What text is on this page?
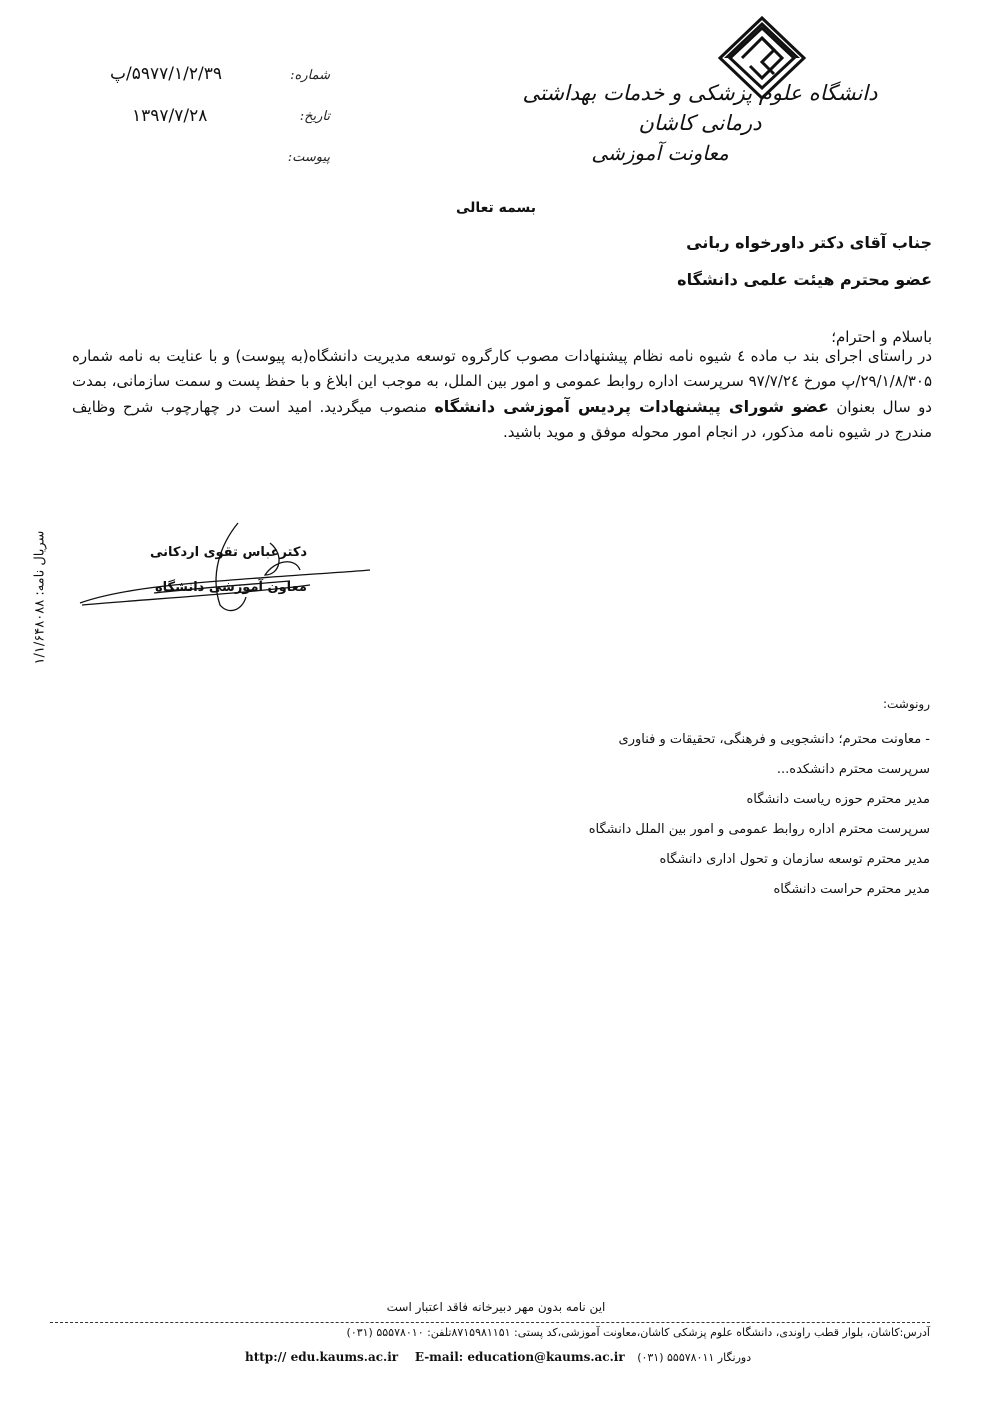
دانشگاه علوم پزشکی و خدمات بهداشتی درمانی کاشان
معاونت آموزشی
شماره:
۵۹۷۷/۱/۲/۳۹/پ
تاریخ:
۱۳۹۷/۷/۲۸
پیوست:
بسمه تعالی
جناب آقای دکتر داورخواه ربانی
عضو محترم هیئت علمی دانشگاه
باسلام و احترام؛

در راستای اجرای بند ب ماده ٤ شیوه نامه نظام پیشنهادات مصوب کارگروه توسعه مدیریت دانشگاه(به پیوست) و با عنایت به نامه شماره ۲۹/۱/۸/۳۰۵/پ مورخ ۹۷/۷/۲٤ سرپرست اداره روابط عمومی و امور بین الملل، به موجب این ابلاغ و با حفظ پست و سمت سازمانی، بمدت دو سال بعنوان عضو شورای پیشنهادات پردیس آموزشی دانشگاه منصوب میگردید. امید است در چهارچوب شرح وظایف مندرج در شیوه نامه مذکور، در انجام امور محوله موفق و موید باشید.

دکترعباس تقوی اردکانی
معاون آموزشی دانشگاه
سریال نامه: ۱/۱/۶۴۸۰۸۸
رونوشت:
- معاونت محترم؛ دانشجویی و فرهنگی، تحقیقات و فناوری
سرپرست محترم دانشکده...
مدیر محترم حوزه ریاست دانشگاه
سرپرست محترم اداره روابط عمومی و امور بین الملل دانشگاه
مدیر محترم توسعه سازمان و تحول اداری دانشگاه
مدیر محترم حراست دانشگاه
این نامه بدون مهر دبیرخانه فاقد اعتبار است
آدرس:کاشان، بلوار قطب راوندی، دانشگاه علوم پزشکی کاشان،معاونت آموزشی،کد پستی: ۸۷۱۵۹۸۱۱۵۱تلفن: ۵۵۵۷۸۰۱۰ (۰۳۱)
http:// edu.kaums.ac.ir E-mail: education@kaums.ac.ir دورنگار ۵۵۵۷۸۰۱۱ (۰۳۱)
